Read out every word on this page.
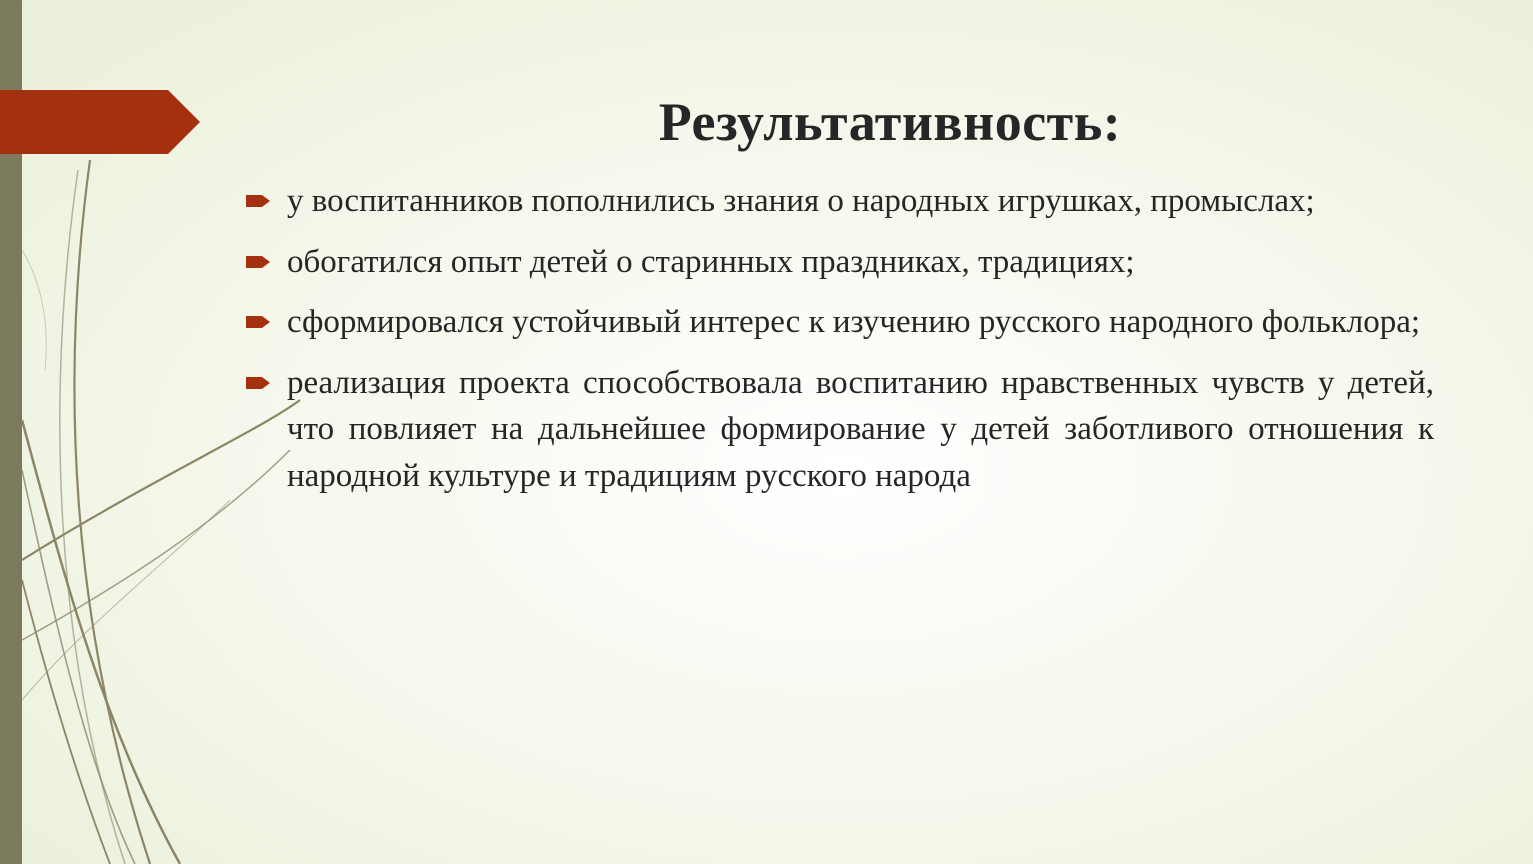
Результативность:
у воспитанников пополнились знания о народных игрушках, промыслах;
обогатился опыт детей о старинных праздниках, традициях;
сформировался устойчивый интерес к изучению русского народного фольклора;
реализация проекта способствовала воспитанию нравственных чувств у детей, что повлияет на дальнейшее формирование у детей заботливого отношения к народной культуре и традициям русского народа
